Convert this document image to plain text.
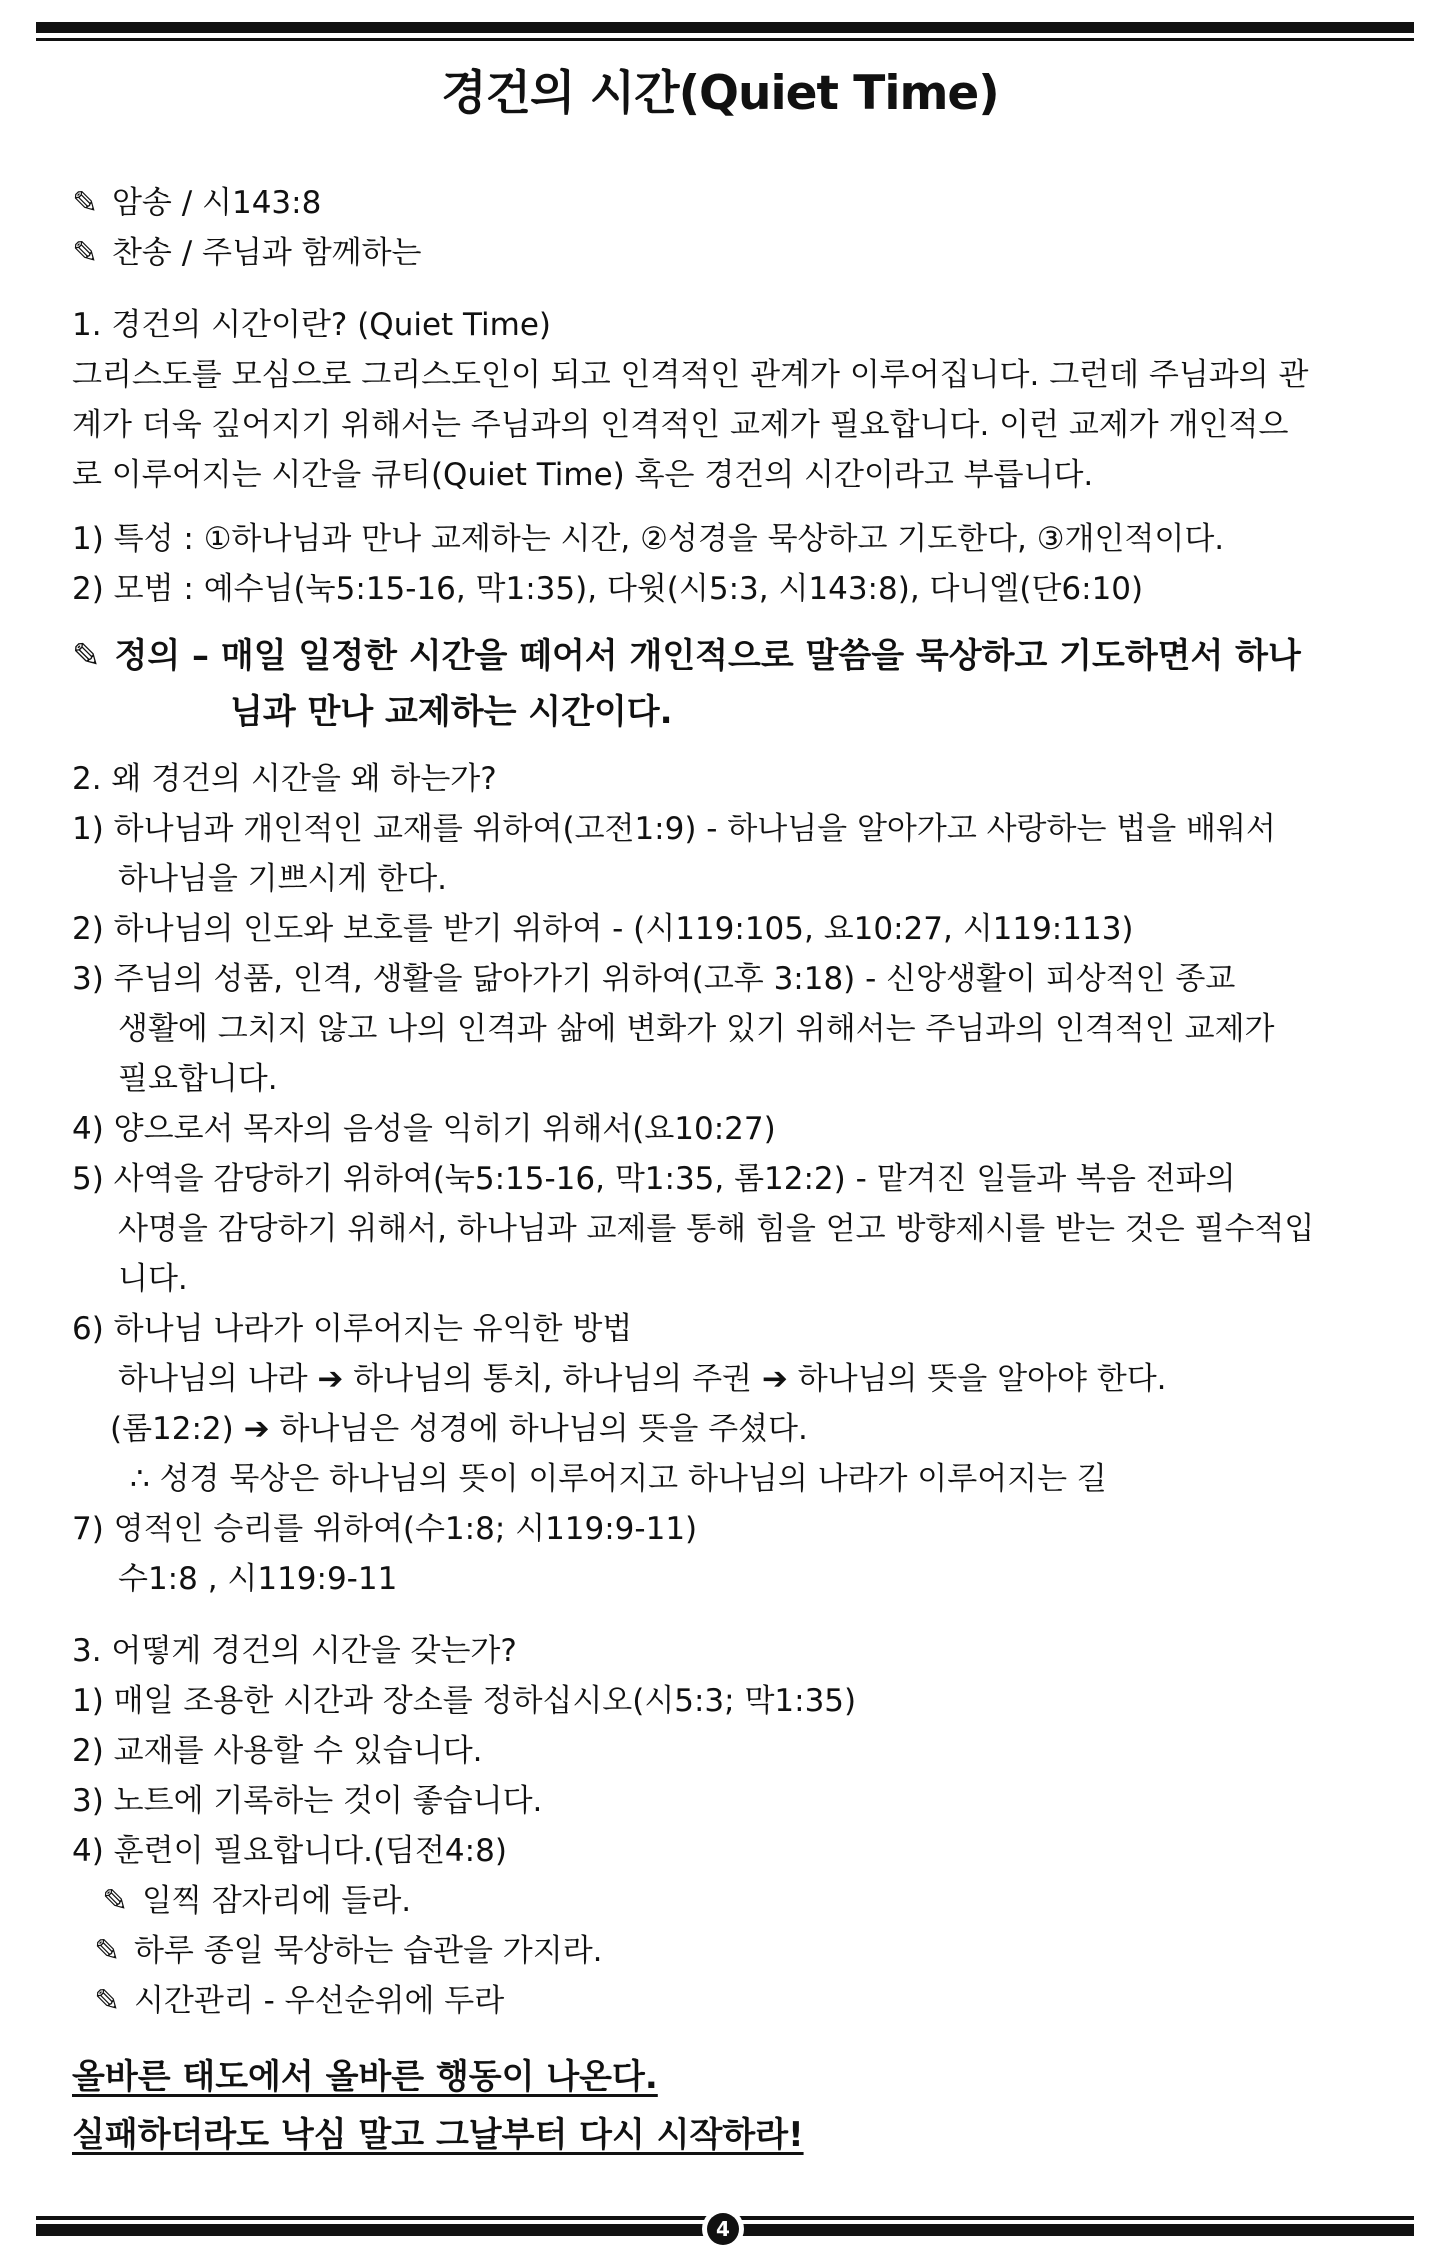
경건의 시간(Quiet Time)
✎ 암송 / 시143:8
✎ 찬송 / 주님과 함께하는
1. 경건의 시간이란? (Quiet Time)
그리스도를 모심으로 그리스도인이 되고 인격적인 관계가 이루어집니다. 그런데 주님과의 관
계가 더욱 깊어지기 위해서는 주님과의 인격적인 교제가 필요합니다. 이런 교제가 개인적으
로 이루어지는 시간을 큐티(Quiet Time) 혹은 경건의 시간이라고 부릅니다.
1) 특성 : ①하나님과 만나 교제하는 시간, ②성경을 묵상하고 기도한다, ③개인적이다.
2) 모범 : 예수님(눅5:15-16, 막1:35), 다윗(시5:3, 시143:8), 다니엘(단6:10)
✎ 정의 – 매일 일정한 시간을 떼어서 개인적으로 말씀을 묵상하고 기도하면서 하나
님과 만나 교제하는 시간이다.
2. 왜 경건의 시간을 왜 하는가?
1) 하나님과 개인적인 교재를 위하여(고전1:9) - 하나님을 알아가고 사랑하는 법을 배워서
하나님을 기쁘시게 한다.
2) 하나님의 인도와 보호를 받기 위하여 - (시119:105, 요10:27, 시119:113)
3) 주님의 성품, 인격, 생활을 닮아가기 위하여(고후 3:18) - 신앙생활이 피상적인 종교
생활에 그치지 않고 나의 인격과 삶에 변화가 있기 위해서는 주님과의 인격적인 교제가
필요합니다.
4) 양으로서 목자의 음성을 익히기 위해서(요10:27)
5) 사역을 감당하기 위하여(눅5:15-16, 막1:35, 롬12:2) - 맡겨진 일들과 복음 전파의
사명을 감당하기 위해서, 하나님과 교제를 통해 힘을 얻고 방향제시를 받는 것은 필수적입
니다.
6) 하나님 나라가 이루어지는 유익한 방법
하나님의 나라 ➔ 하나님의 통치, 하나님의 주권 ➔ 하나님의 뜻을 알아야 한다.
(롬12:2) ➔ 하나님은 성경에 하나님의 뜻을 주셨다.
∴ 성경 묵상은 하나님의 뜻이 이루어지고 하나님의 나라가 이루어지는 길
7) 영적인 승리를 위하여(수1:8; 시119:9-11)
수1:8 , 시119:9-11
3. 어떻게 경건의 시간을 갖는가?
1) 매일 조용한 시간과 장소를 정하십시오(시5:3; 막1:35)
2) 교재를 사용할 수 있습니다.
3) 노트에 기록하는 것이 좋습니다.
4) 훈련이 필요합니다.(딤전4:8)
✎ 일찍 잠자리에 들라.
✎ 하루 종일 묵상하는 습관을 가지라.
✎ 시간관리 - 우선순위에 두라
올바른 태도에서 올바른 행동이 나온다.
실패하더라도 낙심 말고 그날부터 다시 시작하라!
4
